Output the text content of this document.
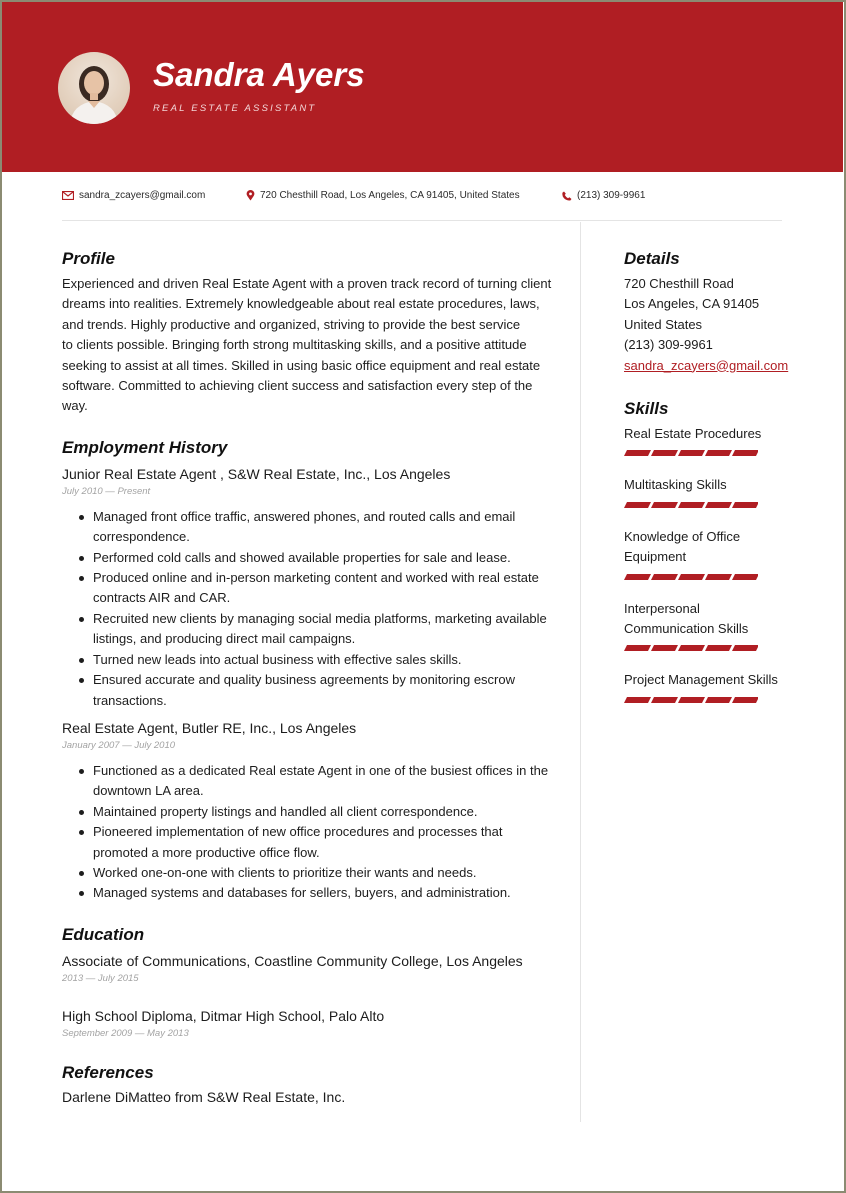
Sandra Ayers
REAL ESTATE ASSISTANT
sandra_zcayers@gmail.com	720 Chesthill Road, Los Angeles, CA 91405, United States	(213) 309-9961
Profile
Experienced and driven Real Estate Agent with a proven track record of turning client
dreams into realities. Extremely knowledgeable about real estate procedures, laws,
and trends. Highly productive and organized, striving to provide the best service
to clients possible. Bringing forth strong multitasking skills, and a positive attitude
seeking to assist at all times. Skilled in using basic office equipment and real estate
software. Committed to achieving client success and satisfaction every step of the
way.
Employment History
Junior Real Estate Agent , S&W Real Estate, Inc., Los Angeles
July 2010 — Present
Managed front office traffic, answered phones, and routed calls and email
correspondence.
Performed cold calls and showed available properties for sale and lease.
Produced online and in-person marketing content and worked with real estate
contracts AIR and CAR.
Recruited new clients by managing social media platforms, marketing available
listings, and producing direct mail campaigns.
Turned new leads into actual business with effective sales skills.
Ensured accurate and quality business agreements by monitoring escrow
transactions.
Real Estate Agent, Butler RE, Inc., Los Angeles
January 2007 — July 2010
Functioned as a dedicated Real estate Agent in one of the busiest offices in the
downtown LA area.
Maintained property listings and handled all client correspondence.
Pioneered implementation of new office procedures and processes that
promoted a more productive office flow.
Worked one-on-one with clients to prioritize their wants and needs.
Managed systems and databases for sellers, buyers, and administration.
Education
Associate of Communications, Coastline Community College, Los Angeles
2013 — July 2015
High School Diploma, Ditmar High School, Palo Alto
September 2009 — May 2013
References
Darlene DiMatteo from S&W Real Estate, Inc.
Details
720 Chesthill Road
Los Angeles, CA 91405
United States
(213) 309-9961
sandra_zcayers@gmail.com
Skills
Real Estate Procedures
Multitasking Skills
Knowledge of Office
Equipment
Interpersonal
Communication Skills
Project Management Skills
